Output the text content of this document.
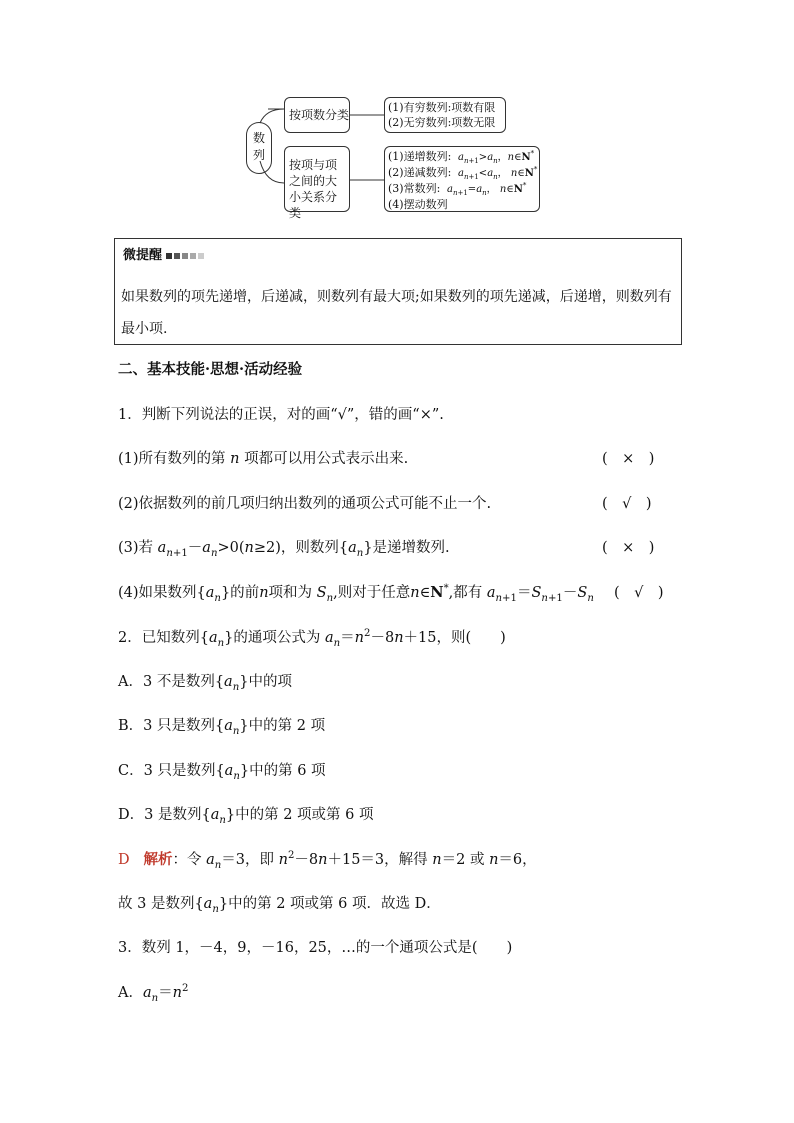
数列
按项数分类
(1)有穷数列:项数有限
(2)无穷数列:项数无限
按项与项之间的大小关系分类
(1)递增数列: $a_{n+1}>a_n$，n∈N*
(2)递减数列: $a_{n+1}<a_n$， n∈N*
(3)常数列: $a_{n+1}=a_n$， n∈N*
(4)摆动数列
微提醒
如果数列的项先递增，后递减，则数列有最大项;如果数列的项先递减，后递增，则数列有最小项.
二、基本技能·思想·活动经验
1．判断下列说法的正误，对的画“√”，错的画“×”.
(1)所有数列的第 n 项都可以用公式表示出来.	(　×　)
(2)依据数列的前几项归纳出数列的通项公式可能不止一个.	(　√　)
(3)若 $a_{n+1}-a_n>0(n\ge 2)$，则数列$\{a_n\}$是递增数列.	(　×　)
(4)如果数列$\{a_n\}$的前n项和为 $S_n$,则对于任意n∈N*,都有 $a_{n+1}=S_{n+1}-S_n$ (　√　)
2．已知数列$\{a_n\}$的通项公式为 $a_n=n^2-8n+15$，则(　　)
A．3 不是数列$\{a_n\}$中的项
B．3 只是数列$\{a_n\}$中的第 2 项
C．3 只是数列$\{a_n\}$中的第 6 项
D．3 是数列$\{a_n\}$中的第 2 项或第 6 项
D 解析：令 $a_n=3$，即 $n^2-8n+15=3$，解得 n＝2 或 n＝6，
故 3 是数列$\{a_n\}$中的第 2 项或第 6 项．故选 D．
3．数列 1，－4，9，－16，25，…的一个通项公式是(　　)
A．$a_n=n^2$
